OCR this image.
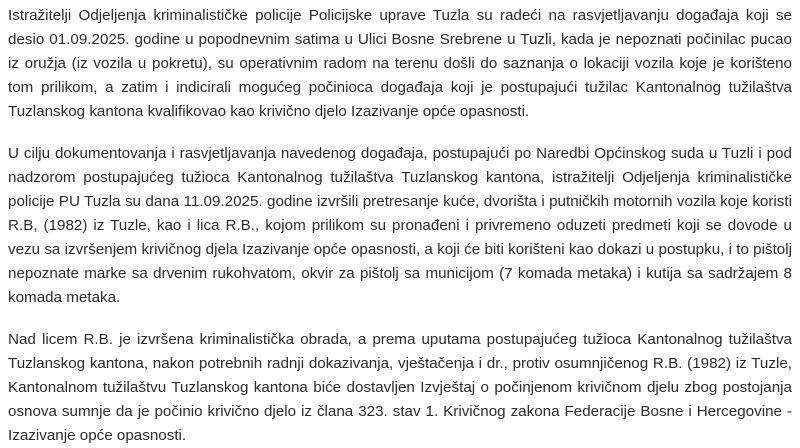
Istražitelji Odjeljenja kriminalističke policije Policijske uprave Tuzla su radeći na rasvjetljavanju događaja koji se desio 01.09.2025. godine u popodnevnim satima u Ulici Bosne Srebrene u Tuzli, kada je nepoznati počinilac pucao iz oružja (iz vozila u pokretu), su operativnim radom na terenu došli do saznanja o lokaciji vozila koje je korišteno tom prilikom, a zatim i indicirali mogućeg počinioca događaja koji je postupajući tužilac Kantonalnog tužilaštva Tuzlanskog kantona kvalifikovao kao krivično djelo Izazivanje opće opasnosti.

U cilju dokumentovanja i rasvjetljavanja navedenog događaja, postupajući po Naredbi Općinskog suda u Tuzli i pod nadzorom postupajućeg tužioca Kantonalnog tužilaštva Tuzlanskog kantona, istražitelji Odjeljenja kriminalističke policije PU Tuzla su dana 11.09.2025. godine izvršili pretresanje kuće, dvorišta i putničkih motornih vozila koje koristi R.B, (1982) iz Tuzle, kao i lica R.B., kojom prilikom su pronađeni i privremeno oduzeti predmeti koji se dovode u vezu sa izvršenjem krivičnog djela Izazivanje opće opasnosti, a koji će biti korišteni kao dokazi u postupku, i to pištolj nepoznate marke sa drvenim rukohvatom, okvir za pištolj sa municijom (7 komada metaka) i kutija sa sadržajem 8 komada metaka.

Nad licem R.B. je izvršena kriminalistička obrada, a prema uputama postupajućeg tužioca Kantonalnog tužilaštva Tuzlanskog kantona, nakon potrebnih radnji dokazivanja, vještačenja i dr., protiv osumnjičenog R.B. (1982) iz Tuzle, Kantonalnom tužilaštvu Tuzlanskog kantona biće dostavljen Izvještaj o počinjenom krivičnom djelu zbog postojanja osnova sumnje da je počinio krivično djelo iz člana 323. stav 1. Krivičnog zakona Federacije Bosne i Hercegovine - Izazivanje opće opasnosti.
